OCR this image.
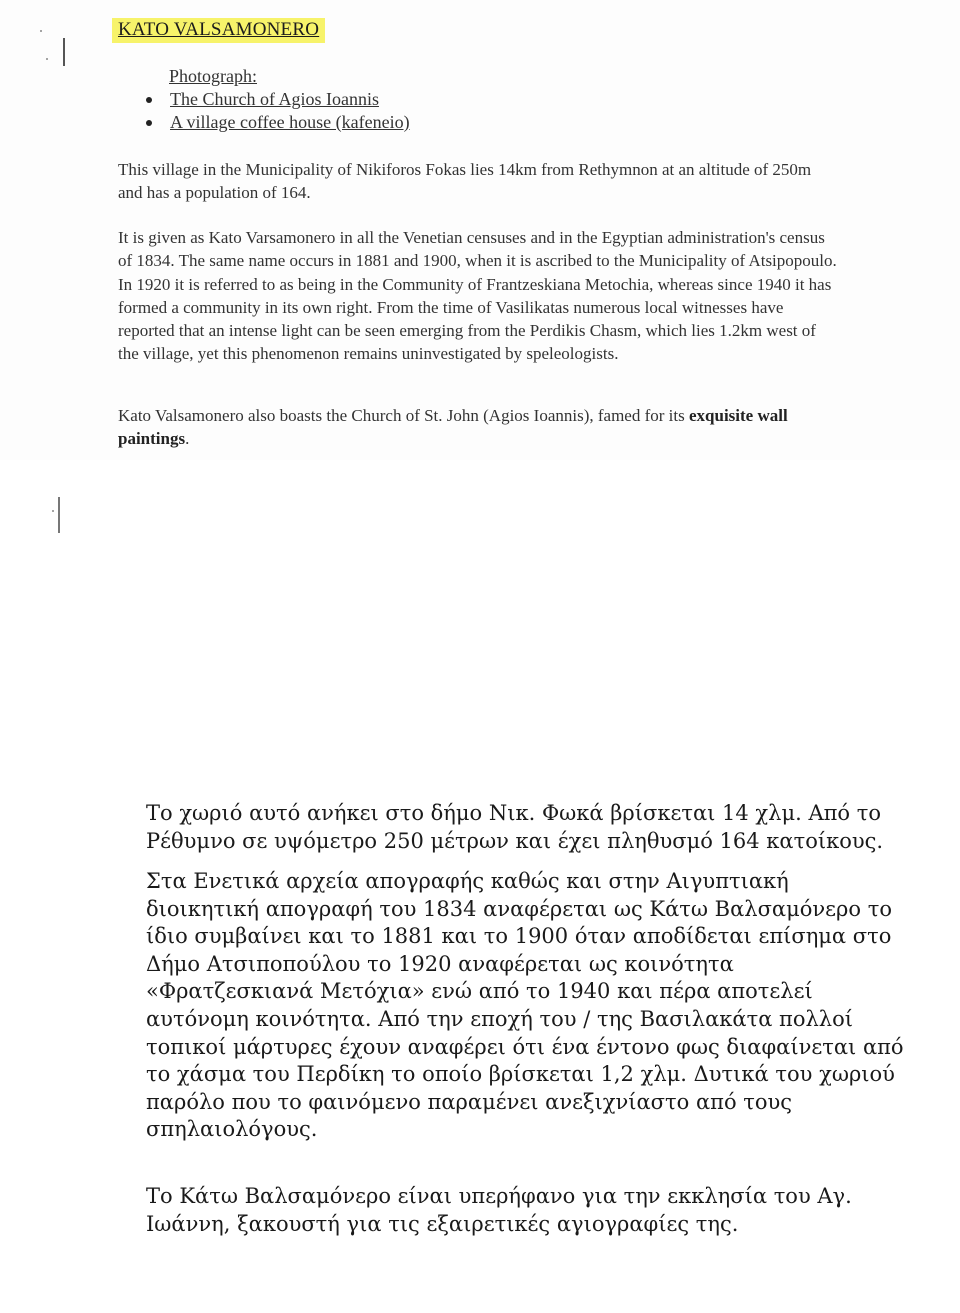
KATO VALSAMONERO
Photograph:
The Church of Agios Ioannis
A village coffee house (kafeneio)

This village in the Municipality of Nikiforos Fokas lies 14km from Rethymnon at an altitude of 250m and has a population of 164.

It is given as Kato Varsamonero in all the Venetian censuses and in the Egyptian administration's census of 1834. The same name occurs in 1881 and 1900, when it is ascribed to the Municipality of Atsipopoulo. In 1920 it is referred to as being in the Community of Frantzeskiana Metochia, whereas since 1940 it has formed a community in its own right. From the time of Vasilikatas numerous local witnesses have reported that an intense light can be seen emerging from the Perdikis Chasm, which lies 1.2km west of the village, yet this phenomenon remains uninvestigated by speleologists.

Kato Valsamonero also boasts the Church of St. John (Agios Ioannis), famed for its exquisite wall paintings.

Το χωριό αυτό ανήκει στο δήμο Νικ. Φωκά βρίσκεται 14 χλμ. Από το Ρέθυμνο σε υψόμετρο 250 μέτρων και έχει πληθυσμό 164 κατοίκους.

Στα Ενετικά αρχεία απογραφής καθώς και στην Αιγυπτιακή διοικητική απογραφή του 1834 αναφέρεται ως Κάτω Βαλσαμόνερο το ίδιο συμβαίνει και το 1881 και το 1900 όταν αποδίδεται επίσημα στο Δήμο Ατσιποπούλου το 1920 αναφέρεται ως κοινότητα «Φρατζεσκιανά Μετόχια» ενώ από το 1940 και πέρα αποτελεί αυτόνομη κοινότητα. Από την εποχή του / της Βασιλακάτα πολλοί τοπικοί μάρτυρες έχουν αναφέρει ότι ένα έντονο φως διαφαίνεται από το χάσμα του Περδίκη το οποίο βρίσκεται 1,2 χλμ. Δυτικά του χωριού παρόλο που το φαινόμενο παραμένει ανεξιχνίαστο από τους σπηλαιολόγους.

Το Κάτω Βαλσαμόνερο είναι υπερήφανο για την εκκλησία του Αγ. Ιωάννη, ξακουστή για τις εξαιρετικές αγιογραφίες της.
